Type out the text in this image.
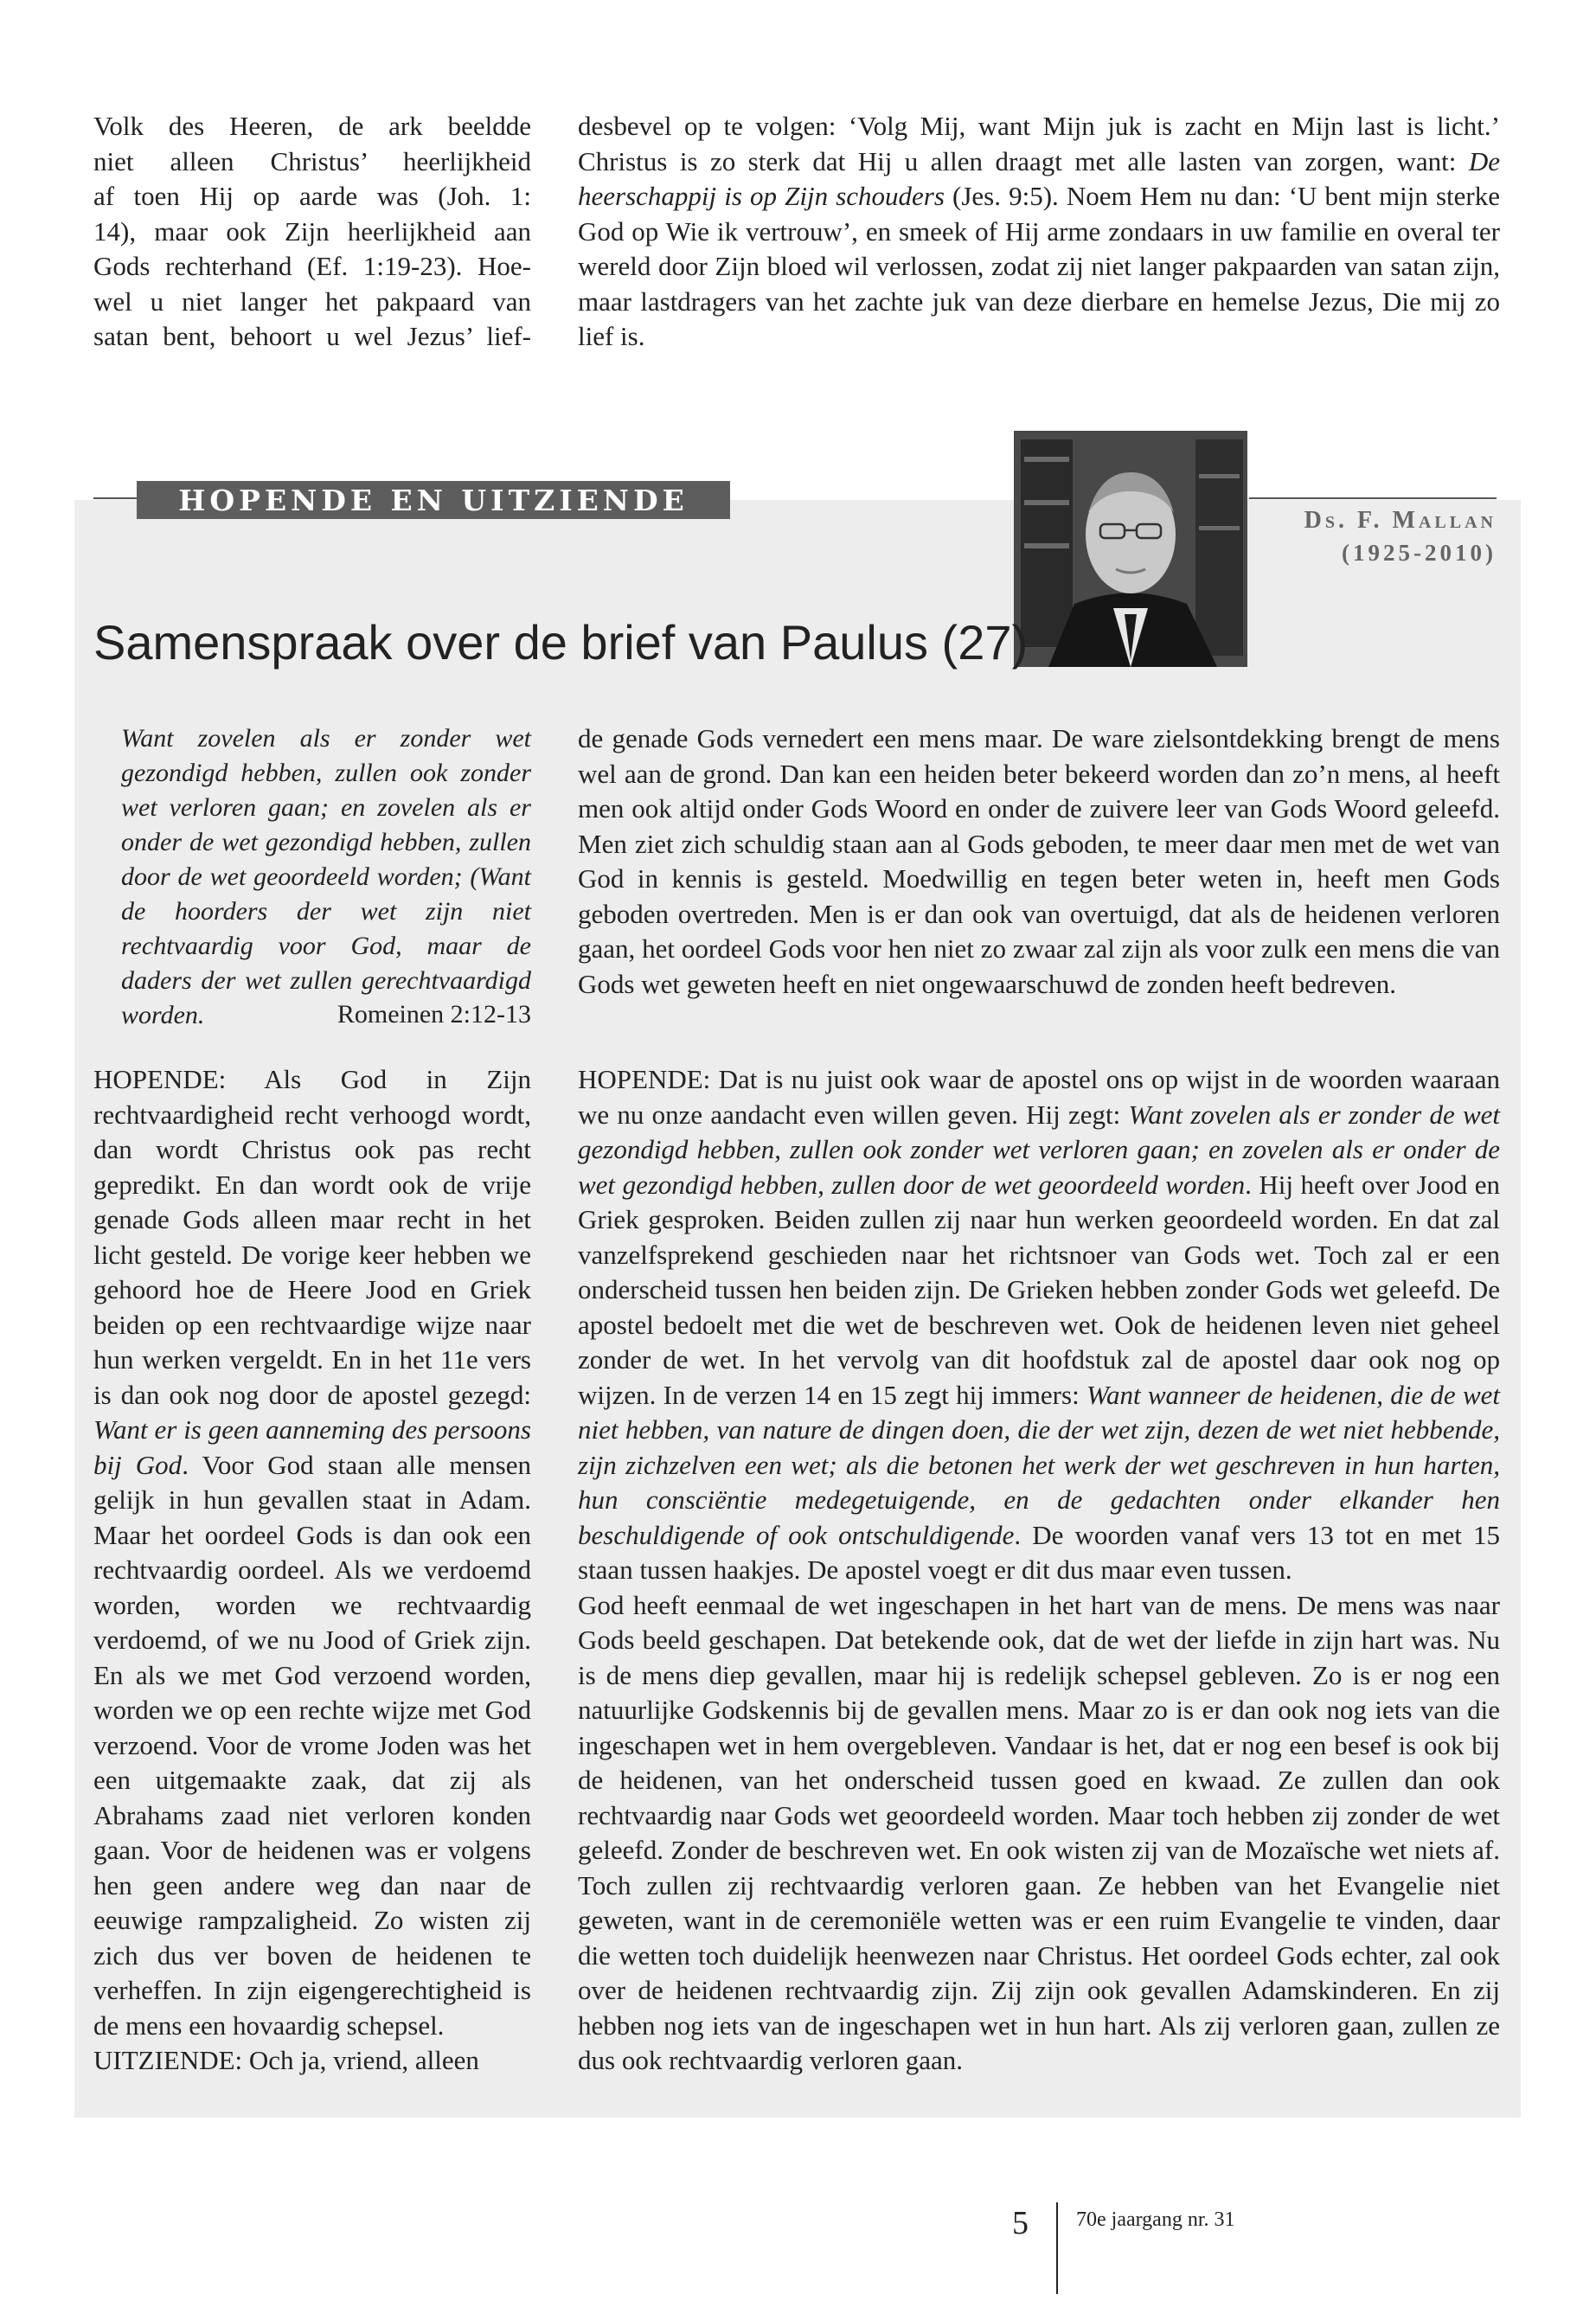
Volk des Heeren, de ark beeldde
niet alleen Christus’ heerlijkheid
af toen Hij op aarde was (Joh. 1:
14), maar ook Zijn heerlijkheid aan
Gods rechterhand (Ef. 1:19-23). Hoe-
wel u niet langer het pakpaard van
satan bent, behoort u wel Jezus’ lief-
desbevel op te volgen: ‘Volg Mij, want Mijn juk is zacht en Mijn last is licht.’ Christus is zo sterk dat Hij u allen draagt met alle lasten van zorgen, want: De heerschappij is op Zijn schouders (Jes. 9:5). Noem Hem nu dan: ‘U bent mijn sterke God op Wie ik vertrouw’, en smeek of Hij arme zondaars in uw familie en overal ter wereld door Zijn bloed wil verlossen, zodat zij niet langer pakpaarden van satan zijn, maar lastdragers van het zachte juk van deze dierbare en hemelse Jezus, Die mij zo lief is.
HOPENDE EN UITZIENDE
Ds. F. Mallan
(1925-2010)
Samenspraak over de brief van Paulus (27)
Want zovelen als er zonder wet gezondigd hebben, zullen ook zonder wet verloren gaan; en zovelen als er onder de wet gezondigd hebben, zullen door de wet geoordeeld worden; (Want de hoorders der wet zijn niet rechtvaardig voor God, maar de daders der wet zullen gerechtvaardigd worden.	Romeinen 2:12-13
HOPENDE: Als God in Zijn rechtvaardigheid recht verhoogd wordt, dan wordt Christus ook pas recht gepredikt. En dan wordt ook de vrije genade Gods alleen maar recht in het licht gesteld. De vorige keer hebben we gehoord hoe de Heere Jood en Griek beiden op een rechtvaardige wijze naar hun werken vergeldt. En in het 11e vers is dan ook nog door de apostel gezegd: Want er is geen aanneming des persoons bij God. Voor God staan alle mensen gelijk in hun gevallen staat in Adam. Maar het oordeel Gods is dan ook een rechtvaardig oordeel. Als we verdoemd worden, worden we rechtvaardig verdoemd, of we nu Jood of Griek zijn. En als we met God verzoend worden, worden we op een rechte wijze met God verzoend. Voor de vrome Joden was het een uitgemaakte zaak, dat zij als Abrahams zaad niet verloren konden gaan. Voor de heidenen was er volgens hen geen andere weg dan naar de eeuwige rampzaligheid. Zo wisten zij zich dus ver boven de heidenen te verheffen. In zijn eigengerechtigheid is de mens een hovaardig schepsel.
UITZIENDE: Och ja, vriend, alleen
de genade Gods vernedert een mens maar. De ware zielsontdekking brengt de mens wel aan de grond. Dan kan een heiden beter bekeerd worden dan zo’n mens, al heeft men ook altijd onder Gods Woord en onder de zuivere leer van Gods Woord geleefd. Men ziet zich schuldig staan aan al Gods geboden, te meer daar men met de wet van God in kennis is gesteld. Moedwillig en tegen beter weten in, heeft men Gods geboden overtreden. Men is er dan ook van overtuigd, dat als de heidenen verloren gaan, het oordeel Gods voor hen niet zo zwaar zal zijn als voor zulk een mens die van Gods wet geweten heeft en niet ongewaarschuwd de zonden heeft bedreven.
HOPENDE: Dat is nu juist ook waar de apostel ons op wijst in de woorden waaraan we nu onze aandacht even willen geven. Hij zegt: Want zovelen als er zonder de wet gezondigd hebben, zullen ook zonder wet verloren gaan; en zovelen als er onder de wet gezondigd hebben, zullen door de wet geoordeeld worden. Hij heeft over Jood en Griek gesproken. Beiden zullen zij naar hun werken geoordeeld worden. En dat zal vanzelfsprekend geschieden naar het richtsnoer van Gods wet. Toch zal er een onderscheid tussen hen beiden zijn. De Grieken hebben zonder Gods wet geleefd. De apostel bedoelt met die wet de beschreven wet. Ook de heidenen leven niet geheel zonder de wet. In het vervolg van dit hoofdstuk zal de apostel daar ook nog op wijzen. In de verzen 14 en 15 zegt hij immers: Want wanneer de heidenen, die de wet niet hebben, van nature de dingen doen, die der wet zijn, dezen de wet niet hebbende, zijn zichzelven een wet; als die betonen het werk der wet geschreven in hun harten, hun consciëntie medegetuigende, en de gedachten onder elkander hen beschuldigende of ook ontschuldigende. De woorden vanaf vers 13 tot en met 15 staan tussen haakjes. De apostel voegt er dit dus maar even tussen.
God heeft eenmaal de wet ingeschapen in het hart van de mens. De mens was naar Gods beeld geschapen. Dat betekende ook, dat de wet der liefde in zijn hart was. Nu is de mens diep gevallen, maar hij is redelijk schepsel gebleven. Zo is er nog een natuurlijke Godskennis bij de gevallen mens. Maar zo is er dan ook nog iets van die ingeschapen wet in hem overgebleven. Vandaar is het, dat er nog een besef is ook bij de heidenen, van het onderscheid tussen goed en kwaad. Ze zullen dan ook rechtvaardig naar Gods wet geoordeeld worden. Maar toch hebben zij zonder de wet geleefd. Zonder de beschreven wet. En ook wisten zij van de Mozaïsche wet niets af. Toch zullen zij rechtvaardig verloren gaan. Ze hebben van het Evangelie niet geweten, want in de ceremoniële wetten was er een ruim Evangelie te vinden, daar die wetten toch duidelijk heenwezen naar Christus. Het oordeel Gods echter, zal ook over de heidenen rechtvaardig zijn. Zij zijn ook gevallen Adamskinderen. En zij hebben nog iets van de ingeschapen wet in hun hart. Als zij verloren gaan, zullen ze dus ook rechtvaardig verloren gaan.
5 70e jaargang nr. 31
